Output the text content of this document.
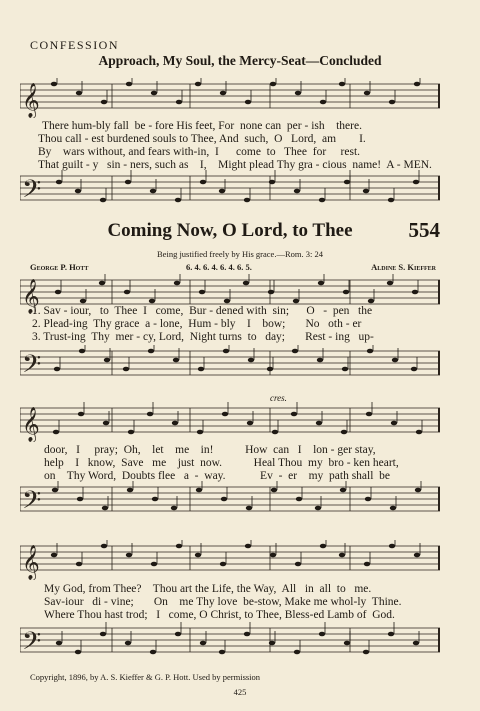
CONFESSION
Approach, My Soul, the Mercy-Seat—Concluded
𝄞
There hum-bly fall  be - fore His feet, For  none can  per - ish    there.
Thou call - est burdened souls to Thee, And  such,  O   Lord,  am        I.
By    wars without, and fears with-in,  I      come  to   Thee  for     rest.
That guilt - y   sin - ners, such as    I,    Might plead Thy gra - cious  name!  A - MEN.
𝄢
Coming Now, O Lord, to Thee	554
Being justified freely by His grace.—Rom. 3: 24
George P. Hott	6. 4. 6. 4. 6. 4. 6. 5.	Aldine S. Kieffer
𝄞
1. Sav - iour,   to  Thee  I   come,  Bur - dened with  sin;      O   -  pen   the
2. Plead-ing  Thy grace  a - lone,  Hum - bly    I    bow;       No   oth - er
3. Trust-ing  Thy  mer - cy, Lord,  Night turns  to   day;       Rest - ing   up-
𝄢
cres.
𝄞
door,   I     pray;  Oh,    let    me    in!           How  can   I    lon - ger stay,
help    I   know,  Save   me    just  now.           Heal Thou  my  bro - ken heart,
on    Thy Word,  Doubts flee   a  -  way.            Ev  -  er    my  path shall  be
𝄢
𝄞
My God, from Thee?    Thou art the Life, the Way,  All   in  all  to   me.
Sav-iour   di - vine;       On    me Thy love  be-stow, Make me whol-ly  Thine.
Where Thou hast trod;   I   come, O Christ, to Thee, Bless-ed Lamb of  God.
𝄢
Copyright, 1896, by A. S. Kieffer & G. P. Hott. Used by permission
425
